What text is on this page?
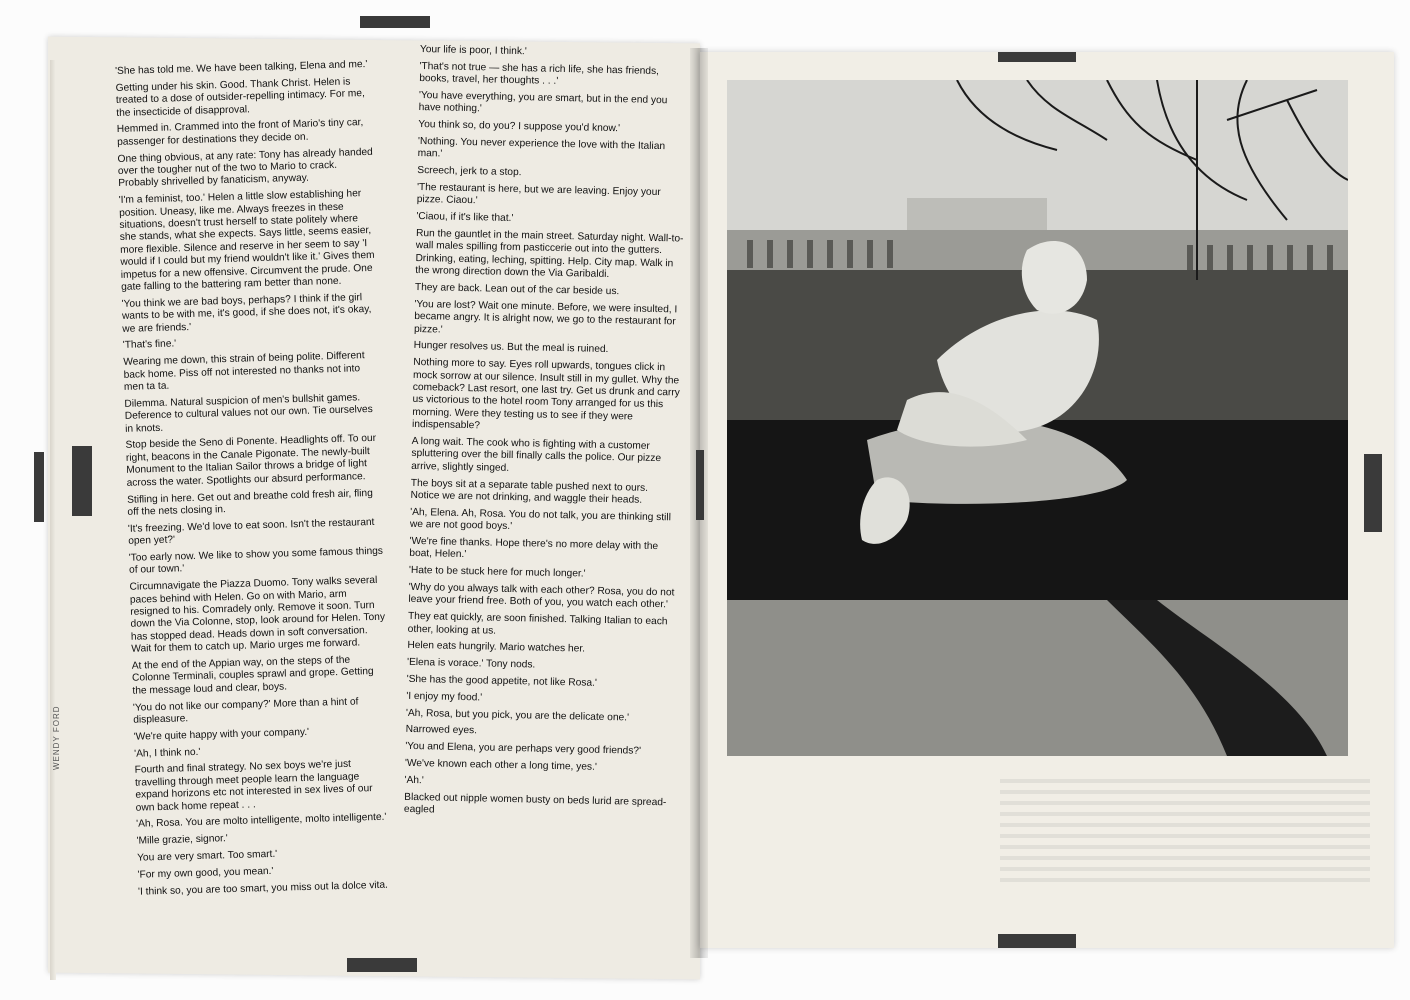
WENDY FORD

'She has told me. We have been talking, Elena and me.'

Getting under his skin. Good. Thank Christ. Helen is treated to a dose of outsider-repelling intimacy. For me, the insecticide of disapproval.

Hemmed in. Crammed into the front of Mario's tiny car, passenger for destinations they decide on.

One thing obvious, at any rate: Tony has already handed over the tougher nut of the two to Mario to crack. Probably shrivelled by fanaticism, anyway.

'I'm a feminist, too.' Helen a little slow establishing her position. Uneasy, like me. Always freezes in these situations, doesn't trust herself to state politely where she stands, what she expects. Says little, seems easier, more flexible. Silence and reserve in her seem to say 'I would if I could but my friend wouldn't like it.' Gives them impetus for a new offensive. Circumvent the prude. One gate falling to the battering ram better than none.

'You think we are bad boys, perhaps? I think if the girl wants to be with me, it's good, if she does not, it's okay, we are friends.'

'That's fine.'

Wearing me down, this strain of being polite. Different back home. Piss off not interested no thanks not into men ta ta.

Dilemma. Natural suspicion of men's bullshit games. Deference to cultural values not our own. Tie ourselves in knots.

Stop beside the Seno di Ponente. Headlights off. To our right, beacons in the Canale Pigonate. The newly-built Monument to the Italian Sailor throws a bridge of light across the water. Spotlights our absurd performance.

Stifling in here. Get out and breathe cold fresh air, fling off the nets closing in.

'It's freezing. We'd love to eat soon. Isn't the restaurant open yet?'

'Too early now. We like to show you some famous things of our town.'

Circumnavigate the Piazza Duomo. Tony walks several paces behind with Helen. Go on with Mario, arm resigned to his. Comradely only. Remove it soon. Turn down the Via Colonne, stop, look around for Helen. Tony has stopped dead. Heads down in soft conversation. Wait for them to catch up. Mario urges me forward.

At the end of the Appian way, on the steps of the Colonne Terminali, couples sprawl and grope. Getting the message loud and clear, boys.

'You do not like our company?' More than a hint of displeasure.

'We're quite happy with your company.'

'Ah, I think no.'

Fourth and final strategy. No sex boys we're just travelling through meet people learn the language expand horizons etc not interested in sex lives of our own back home repeat . . .

'Ah, Rosa. You are molto intelligente, molto intelligente.'

'Mille grazie, signor.'

You are very smart. Too smart.'

'For my own good, you mean.'

'I think so, you are too smart, you miss out la dolce vita.

Your life is poor, I think.'

'That's not true — she has a rich life, she has friends, books, travel, her thoughts . . .'

'You have everything, you are smart, but in the end you have nothing.'

You think so, do you? I suppose you'd know.'

'Nothing. You never experience the love with the Italian man.'

Screech, jerk to a stop.

'The restaurant is here, but we are leaving. Enjoy your pizze. Ciaou.'

'Ciaou, if it's like that.'

Run the gauntlet in the main street. Saturday night. Wall-to-wall males spilling from pasticcerie out into the gutters. Drinking, eating, leching, spitting. Help. City map. Walk in the wrong direction down the Via Garibaldi.

They are back. Lean out of the car beside us.

'You are lost? Wait one minute. Before, we were insulted, I became angry. It is alright now, we go to the restaurant for pizze.'

Hunger resolves us. But the meal is ruined.

Nothing more to say. Eyes roll upwards, tongues click in mock sorrow at our silence. Insult still in my gullet. Why the comeback? Last resort, one last try. Get us drunk and carry us victorious to the hotel room Tony arranged for us this morning. Were they testing us to see if they were indispensable?

A long wait. The cook who is fighting with a customer spluttering over the bill finally calls the police. Our pizze arrive, slightly singed.

The boys sit at a separate table pushed next to ours. Notice we are not drinking, and waggle their heads.

'Ah, Elena. Ah, Rosa. You do not talk, you are thinking still we are not good boys.'

'We're fine thanks. Hope there's no more delay with the boat, Helen.'

'Hate to be stuck here for much longer.'

'Why do you always talk with each other? Rosa, you do not leave your friend free. Both of you, you watch each other.'

They eat quickly, are soon finished. Talking Italian to each other, looking at us.

Helen eats hungrily. Mario watches her.

'Elena is vorace.' Tony nods.

'She has the good appetite, not like Rosa.'

'I enjoy my food.'

'Ah, Rosa, but you pick, you are the delicate one.'

Narrowed eyes.

'You and Elena, you are perhaps very good friends?'

'We've known each other a long time, yes.'

'Ah.'

Blacked out nipple women busty on beds lurid are spread-eagled
